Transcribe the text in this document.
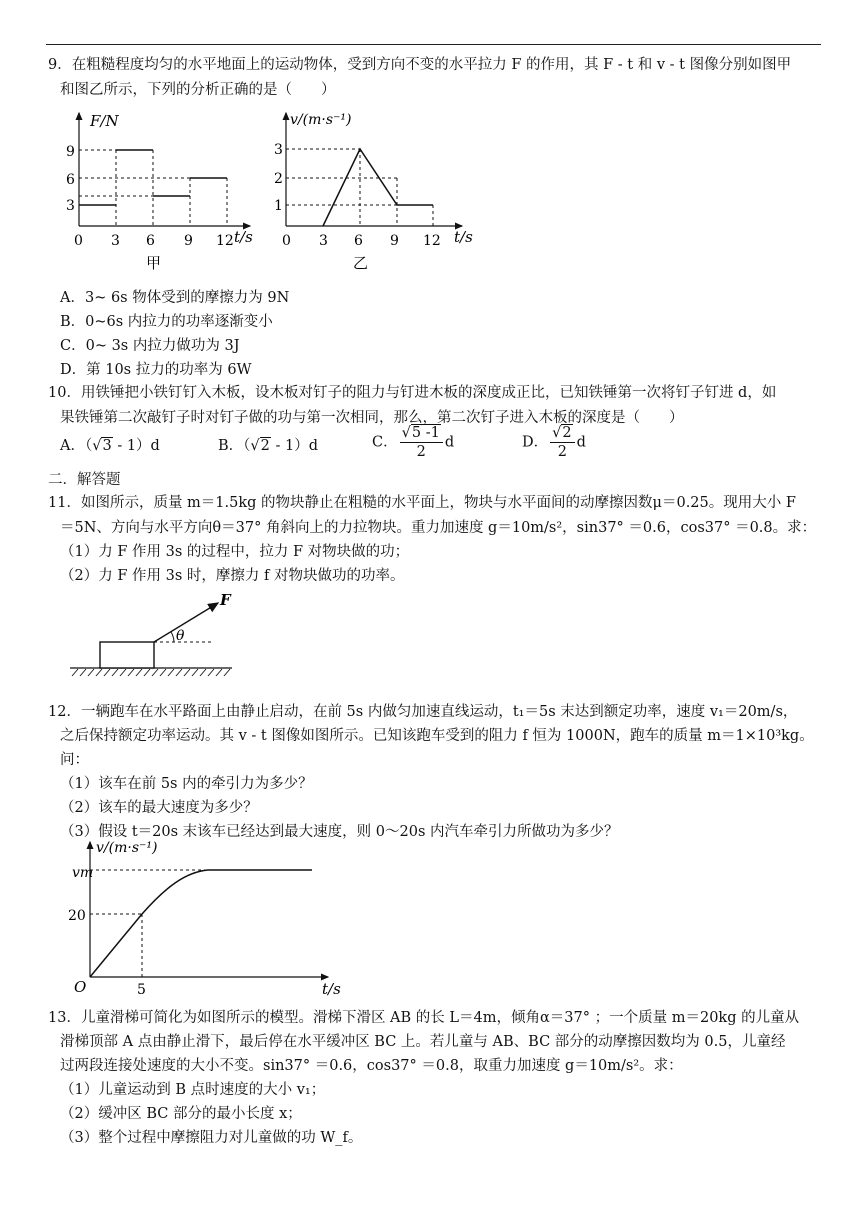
9．在粗糙程度均匀的水平地面上的运动物体，受到方向不变的水平拉力 F 的作用，其 F - t 和 v - t 图像分别如图甲
和图乙所示，下列的分析正确的是（　　）
F/N
t/s
3
6
9
0 3 6 9 12
甲
v/(m·s⁻¹)
t/s
1
2
3
0 3 6 9 12
乙
A．3~ 6s 物体受到的摩擦力为 9N
B．0~6s 内拉力的功率逐渐变小
C．0~ 3s 内拉力做功为 3J
D．第 10s 拉力的功率为 6W
10．用铁锤把小铁钉钉入木板，设木板对钉子的阻力与钉进木板的深度成正比，已知铁锤第一次将钉子钉进 d，如
果铁锤第二次敲钉子时对钉子做的功与第一次相同，那么，第二次钉子进入木板的深度是（　　）
A．（√3 - 1）d	B．（√2 - 1）d	C． $\frac{√5 -1}{2}$ d	D． $\frac{√2}{2}$ d
二．解答题
11．如图所示，质量 m＝1.5kg 的物块静止在粗糙的水平面上，物块与水平面间的动摩擦因数μ＝0.25。现用大小 F
＝5N、方向与水平方向θ＝37° 角斜向上的力拉物块。重力加速度 g＝10m/s²，sin37° ＝0.6，cos37° ＝0.8。求：
（1）力 F 作用 3s 的过程中，拉力 F 对物块做的功；
（2）力 F 作用 3s 时，摩擦力 f 对物块做功的功率。
F
θ
12．一辆跑车在水平路面上由静止启动，在前 5s 内做匀加速直线运动，t₁＝5s 末达到额定功率，速度 v₁＝20m/s，
之后保持额定功率运动。其 v - t 图像如图所示。已知该跑车受到的阻力 f 恒为 1000N，跑车的质量 m＝1×10³kg。
问：
（1）该车在前 5s 内的牵引力为多少？
（2）该车的最大速度为多少？
（3）假设 t＝20s 末该车已经达到最大速度，则 0～20s 内汽车牵引力所做功为多少？
v/(m·s⁻¹)
t/s
O
vm
20
5
13．儿童滑梯可简化为如图所示的模型。滑梯下滑区 AB 的长 L＝4m，倾角α＝37° ；一个质量 m＝20kg 的儿童从
滑梯顶部 A 点由静止滑下，最后停在水平缓冲区 BC 上。若儿童与 AB、BC 部分的动摩擦因数均为 0.5，儿童经
过两段连接处速度的大小不变。sin37° ＝0.6，cos37° ＝0.8，取重力加速度 g＝10m/s²。求：
（1）儿童运动到 B 点时速度的大小 v₁；
（2）缓冲区 BC 部分的最小长度 x；
（3）整个过程中摩擦阻力对儿童做的功 W_f。
